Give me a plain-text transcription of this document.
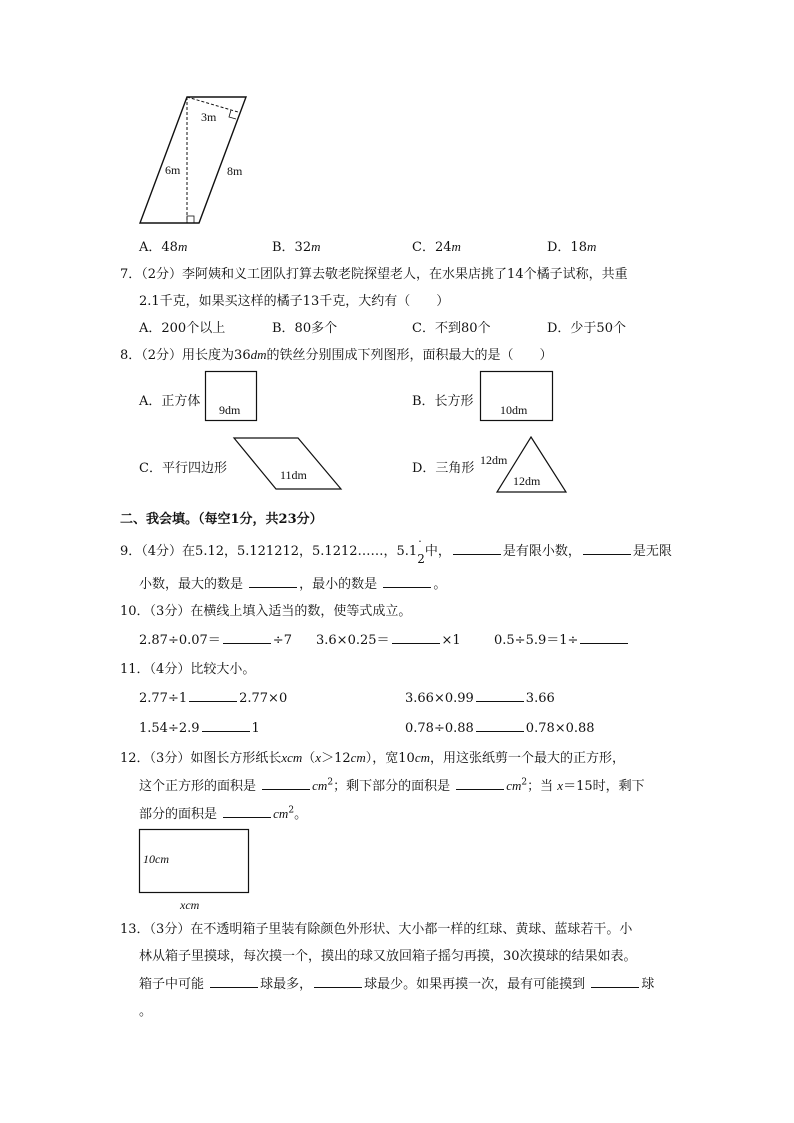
3m
6m	8m
A．48m	B．32m	C．24m	D．18m
7．（2分）李阿姨和义工团队打算去敬老院探望老人，在水果店挑了14个橘子试称，共重
2.1千克，如果买这样的橘子13千克，大约有（　　）
A．200个以上	B．80多个	C．不到80个	D．少于50个
8．（2分）用长度为36dm的铁丝分别围成下列图形，面积最大的是（　　）
A．正方体
9dm
B．长方形
10dm
C．平行四边形	11dm	D．三角形
12dm
12dm
二、我会填。（每空1分，共23分）
9．（4分）在5.12，5.121212，5.1212……，5.1
·
2中，	是有限小数，	是无限
小数，最大的数是	，最小的数是	。
10．（3分）在横线上填入适当的数，使等式成立。
2.87÷0.07＝	÷7 3.6×0.25＝	×1	0.5÷5.9＝1÷
11．（4分）比较大小。
2.77÷1	2.77×0	3.66×0.99	3.66
1.54÷2.9	1	0.78÷0.88	0.78×0.88
12．（3分）如图长方形纸长xcm（x＞12cm），宽10cm，用这张纸剪一个最大的正方形，
这个正方形的面积是	$cm^2$；剩下部分的面积是	$cm^2$；当 x＝15时，剩下
部分的面积是	$cm^2$。
10cm
xcm
13．（3分）在不透明箱子里装有除颜色外形状、大小都一样的红球、黄球、蓝球若干。小
林从箱子里摸球，每次摸一个，摸出的球又放回箱子摇匀再摸，30次摸球的结果如表。
箱子中可能	球最多，	球最少。如果再摸一次，最有可能摸到	球
。
